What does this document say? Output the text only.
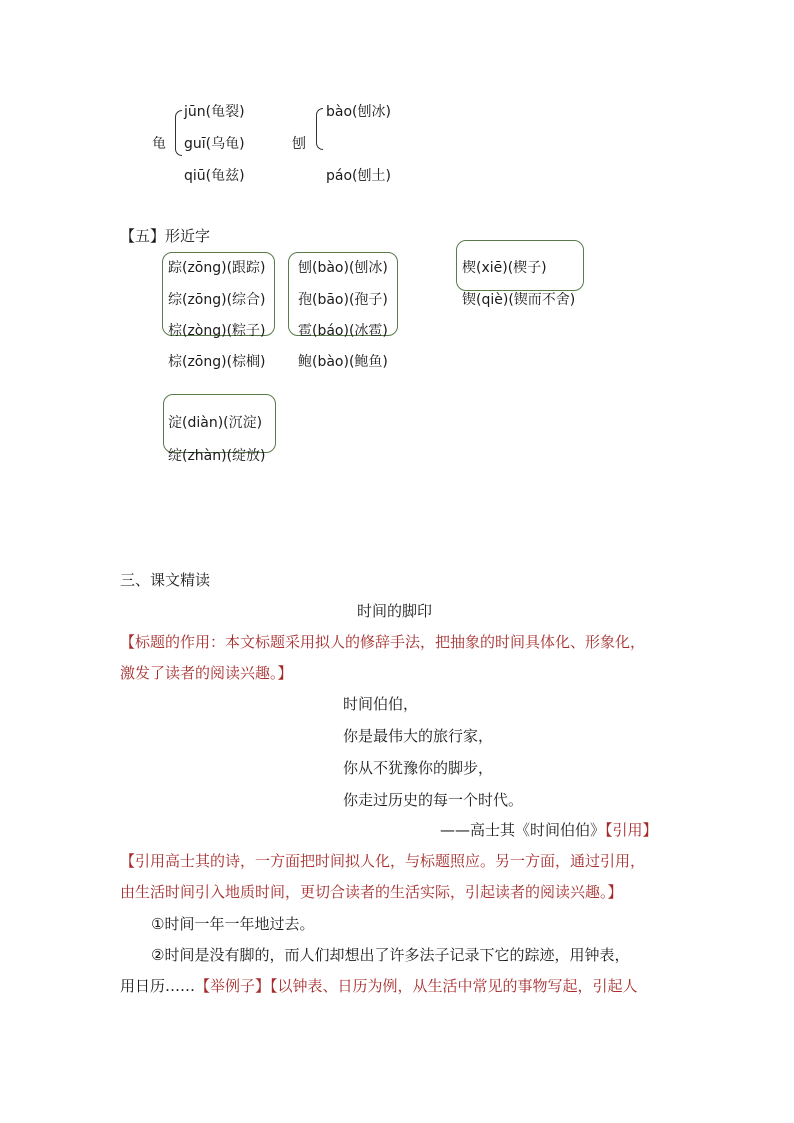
龟
jūn(龟裂)
guī(乌龟)
qiū(龟兹)
刨
bào(刨冰)
páo(刨土)
【五】形近字
踪(zōng)(跟踪)
综(zōng)(综合)
棕(zòng)(粽子)
棕(zōng)(棕榈)
刨(bào)(刨冰)
孢(bāo)(孢子)
雹(báo)(冰雹)
鲍(bào)(鲍鱼)
楔(xiē)(楔子)
锲(qiè)(锲而不舍)
淀(diàn)(沉淀)
绽(zhàn)(绽放)
三、课文精读
时间的脚印
【标题的作用：本文标题采用拟人的修辞手法，把抽象的时间具体化、形象化，
激发了读者的阅读兴趣。】
时间伯伯，
你是最伟大的旅行家，
你从不犹豫你的脚步，
你走过历史的每一个时代。
——高士其《时间伯伯》【引用】
【引用高士其的诗，一方面把时间拟人化，与标题照应。另一方面，通过引用，
由生活时间引入地质时间，更切合读者的生活实际，引起读者的阅读兴趣。】
①时间一年一年地过去。
②时间是没有脚的，而人们却想出了许多法子记录下它的踪迹，用钟表，
用日历……【举例子】【以钟表、日历为例，从生活中常见的事物写起，引起人
